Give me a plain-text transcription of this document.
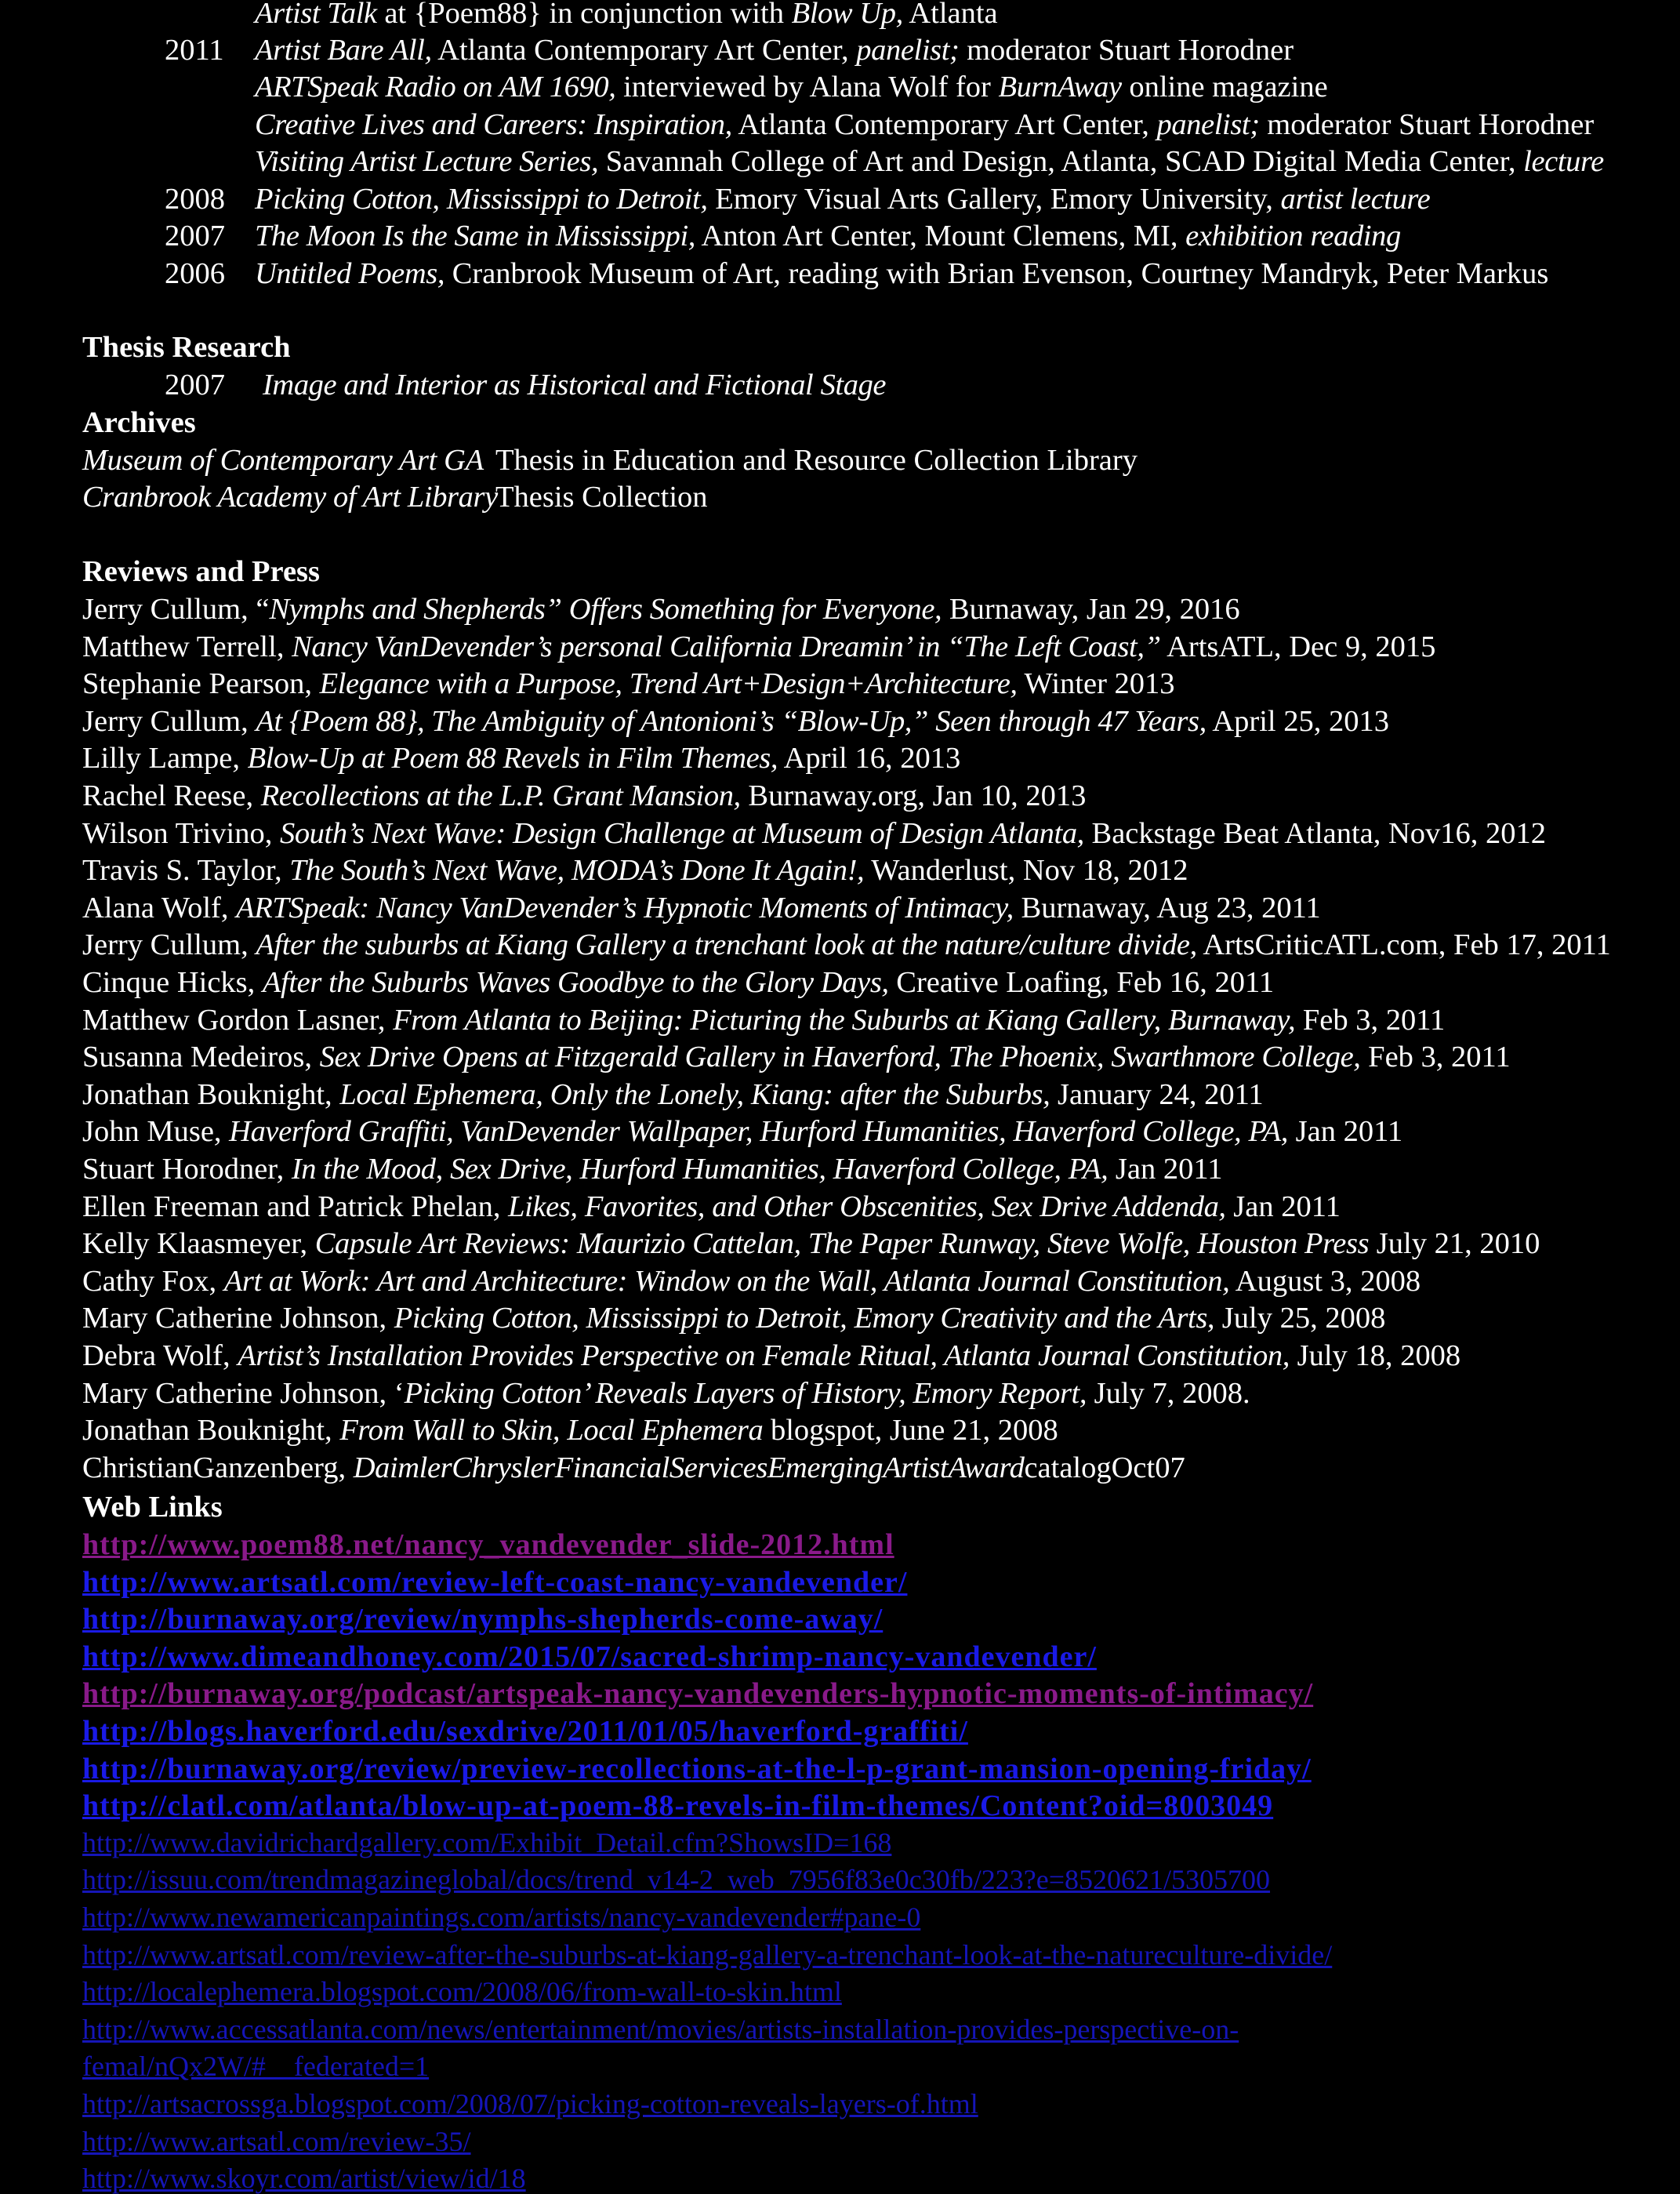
Artist Talk at {Poem88} in conjunction with Blow Up, Atlanta
2011 Artist Bare All, Atlanta Contemporary Art Center, panelist; moderator Stuart Horodner
ARTSpeak Radio on AM 1690, interviewed by Alana Wolf for BurnAway online magazine
Creative Lives and Careers: Inspiration, Atlanta Contemporary Art Center, panelist; moderator Stuart Horodner
Visiting Artist Lecture Series, Savannah College of Art and Design, Atlanta, SCAD Digital Media Center, lecture
2008 Picking Cotton, Mississippi to Detroit, Emory Visual Arts Gallery, Emory University, artist lecture
2007 The Moon Is the Same in Mississippi, Anton Art Center, Mount Clemens, MI, exhibition reading
2006 Untitled Poems, Cranbrook Museum of Art, reading with Brian Evenson, Courtney Mandryk, Peter Markus
Thesis Research
2007 Image and Interior as Historical and Fictional Stage
Archives
Museum of Contemporary Art GA Thesis in Education and Resource Collection Library
Cranbrook Academy of Art Library
Thesis Collection
Reviews and Press
Jerry Cullum, “Nymphs and Shepherds” Offers Something for Everyone, Burnaway, Jan 29, 2016
Matthew Terrell, Nancy VanDevender’s personal California Dreamin’ in “The Left Coast,” ArtsATL, Dec 9, 2015
Stephanie Pearson, Elegance with a Purpose, Trend Art+Design+Architecture, Winter 2013
Jerry Cullum, At {Poem 88}, The Ambiguity of Antonioni’s “Blow-Up,” Seen through 47 Years, April 25, 2013
Lilly Lampe, Blow-Up at Poem 88 Revels in Film Themes, April 16, 2013
Rachel Reese, Recollections at the L.P. Grant Mansion, Burnaway.org, Jan 10, 2013
Wilson Trivino, South’s Next Wave: Design Challenge at Museum of Design Atlanta, Backstage Beat Atlanta, Nov16, 2012
Travis S. Taylor, The South’s Next Wave, MODA’s Done It Again!, Wanderlust, Nov 18, 2012
Alana Wolf, ARTSpeak: Nancy VanDevender’s Hypnotic Moments of Intimacy, Burnaway, Aug 23, 2011
Jerry Cullum, After the suburbs at Kiang Gallery a trenchant look at the nature/culture divide, ArtsCriticATL.com, Feb 17, 2011
Cinque Hicks, After the Suburbs Waves Goodbye to the Glory Days, Creative Loafing, Feb 16, 2011
Matthew Gordon Lasner, From Atlanta to Beijing: Picturing the Suburbs at Kiang Gallery, Burnaway, Feb 3, 2011
Susanna Medeiros, Sex Drive Opens at Fitzgerald Gallery in Haverford, The Phoenix, Swarthmore College, Feb 3, 2011
Jonathan Bouknight, Local Ephemera, Only the Lonely, Kiang: after the Suburbs, January 24, 2011
John Muse, Haverford Graffiti, VanDevender Wallpaper, Hurford Humanities, Haverford College, PA, Jan 2011
Stuart Horodner, In the Mood, Sex Drive, Hurford Humanities, Haverford College, PA, Jan 2011
Ellen Freeman and Patrick Phelan, Likes, Favorites, and Other Obscenities, Sex Drive Addenda, Jan 2011
Kelly Klaasmeyer, Capsule Art Reviews: Maurizio Cattelan, The Paper Runway, Steve Wolfe, Houston Press July 21, 2010
Cathy Fox, Art at Work: Art and Architecture: Window on the Wall, Atlanta Journal Constitution, August 3, 2008
Mary Catherine Johnson, Picking Cotton, Mississippi to Detroit, Emory Creativity and the Arts, July 25, 2008
Debra Wolf, Artist’s Installation Provides Perspective on Female Ritual, Atlanta Journal Constitution, July 18, 2008
Mary Catherine Johnson, ‘Picking Cotton’ Reveals Layers of History, Emory Report, July 7, 2008.
Jonathan Bouknight, From Wall to Skin, Local Ephemera blogspot, June 21, 2008
ChristianGanzenberg, DaimlerChryslerFinancialServicesEmergingArtistAwardcatalogOct07
Web Links
http://www.poem88.net/nancy_vandevender_slide-2012.html
http://www.artsatl.com/review-left-coast-nancy-vandevender/
http://burnaway.org/review/nymphs-shepherds-come-away/
http://www.dimeandhoney.com/2015/07/sacred-shrimp-nancy-vandevender/
http://burnaway.org/podcast/artspeak-nancy-vandevenders-hypnotic-moments-of-intimacy/
http://blogs.haverford.edu/sexdrive/2011/01/05/haverford-graffiti/
http://burnaway.org/review/preview-recollections-at-the-l-p-grant-mansion-opening-friday/
http://clatl.com/atlanta/blow-up-at-poem-88-revels-in-film-themes/Content?oid=8003049
http://www.davidrichardgallery.com/Exhibit_Detail.cfm?ShowsID=168
http://issuu.com/trendmagazineglobal/docs/trend_v14-2_web_7956f83e0c30fb/223?e=8520621/5305700
http://www.newamericanpaintings.com/artists/nancy-vandevender#pane-0
http://www.artsatl.com/review-after-the-suburbs-at-kiang-gallery-a-trenchant-look-at-the-natureculture-divide/
http://localephemera.blogspot.com/2008/06/from-wall-to-skin.html
http://www.accessatlanta.com/news/entertainment/movies/artists-installation-provides-perspective-on-
femal/nQx2W/#__federated=1
http://artsacrossga.blogspot.com/2008/07/picking-cotton-reveals-layers-of.html
http://www.artsatl.com/review-35/
http://www.skoyr.com/artist/view/id/18
